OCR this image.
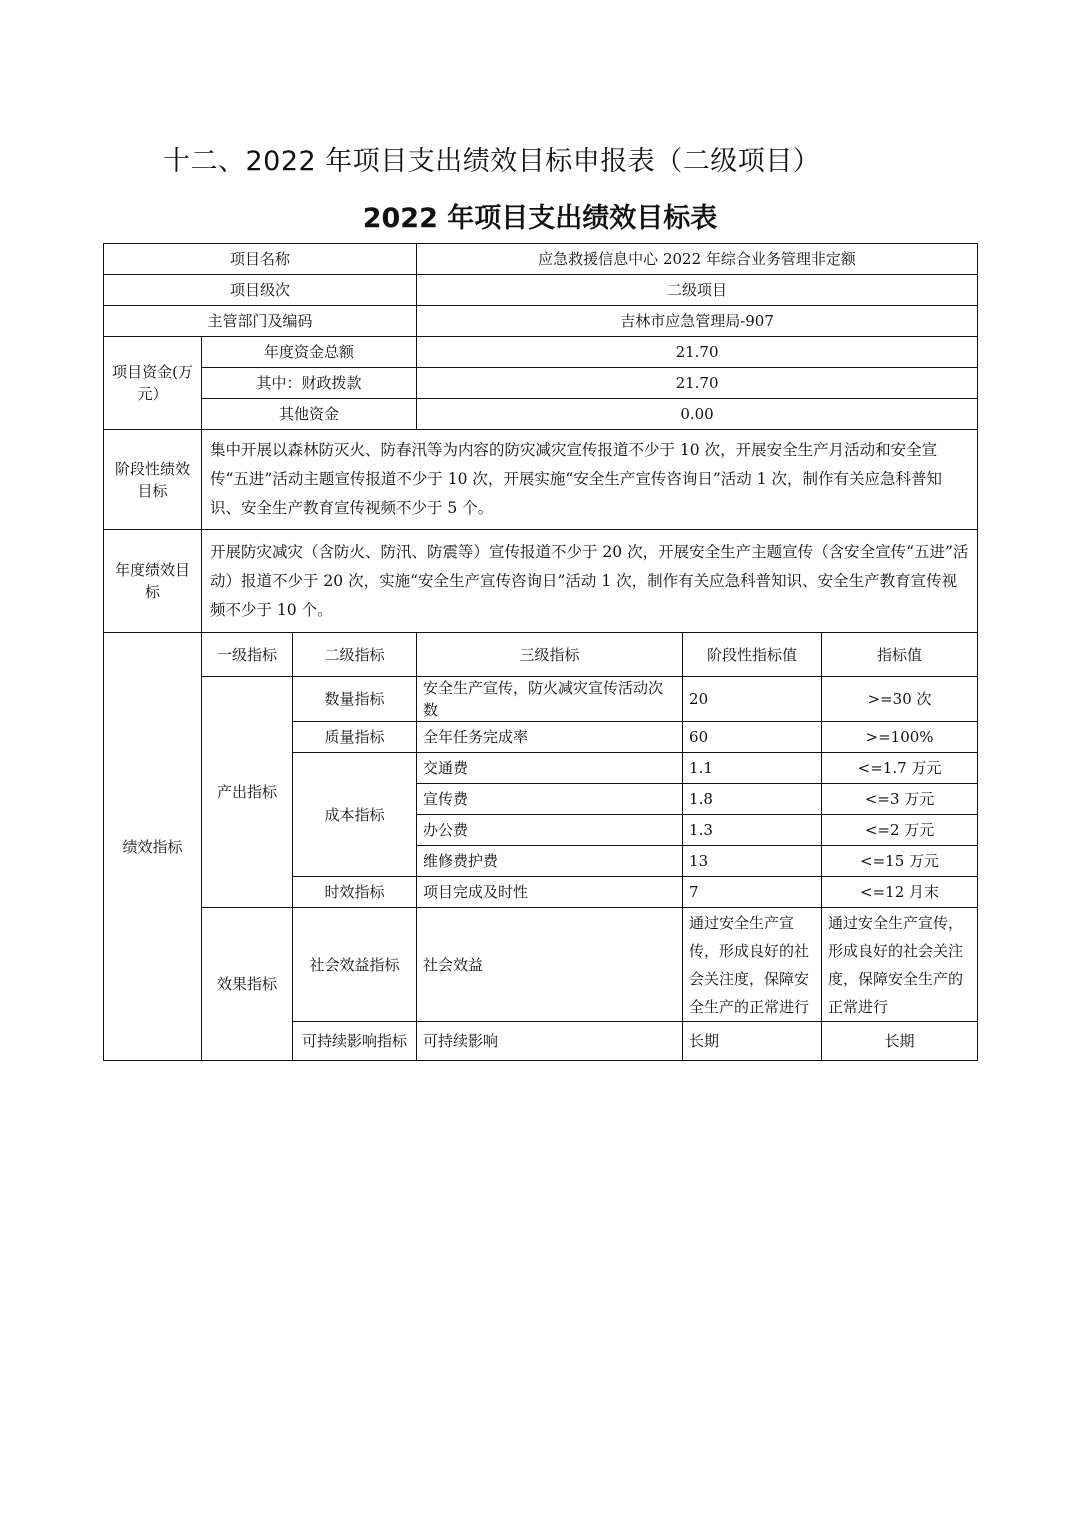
十二、2022 年项目支出绩效目标申报表（二级项目）
2022 年项目支出绩效目标表
项目名称			应急救援信息中心 2022 年综合业务管理非定额		
项目级次			二级项目		
主管部门及编码			吉林市应急管理局-907		
项目资金(万元）	年度资金总额		21.70		
	其中：财政拨款		21.70		
	其他资金		0.00		
阶段性绩效目标	集中开展以森林防灭火、防春汛等为内容的防灾减灾宣传报道不少于 10 次，开展安全生产月活动和安全宣传“五进”活动主题宣传报道不少于 10 次，开展实施“安全生产宣传咨询日”活动 1 次，制作有关应急科普知识、安全生产教育宣传视频不少于 5 个。				
年度绩效目标	开展防灾减灾（含防火、防汛、防震等）宣传报道不少于 20 次，开展安全生产主题宣传（含安全宣传“五进”活动）报道不少于 20 次，实施“安全生产宣传咨询日”活动 1 次，制作有关应急科普知识、安全生产教育宣传视频不少于 10 个。				
绩效指标	一级指标	二级指标	三级指标	阶段性指标值	指标值
	产出指标	数量指标	安全生产宣传，防火减灾宣传活动次数	20	>=30 次
		质量指标	全年任务完成率	60	>=100%
		成本指标	交通费	1.1	<=1.7 万元
			宣传费	1.8	<=3 万元
			办公费	1.3	<=2 万元
			维修费护费	13	<=15 万元
		时效指标	项目完成及时性	7	<=12 月末
	效果指标	社会效益指标	社会效益	通过安全生产宣传，形成良好的社会关注度，保障安全生产的正常进行	通过安全生产宣传，形成良好的社会关注度，保障安全生产的正常进行
		可持续影响指标	可持续影响	长期	长期
